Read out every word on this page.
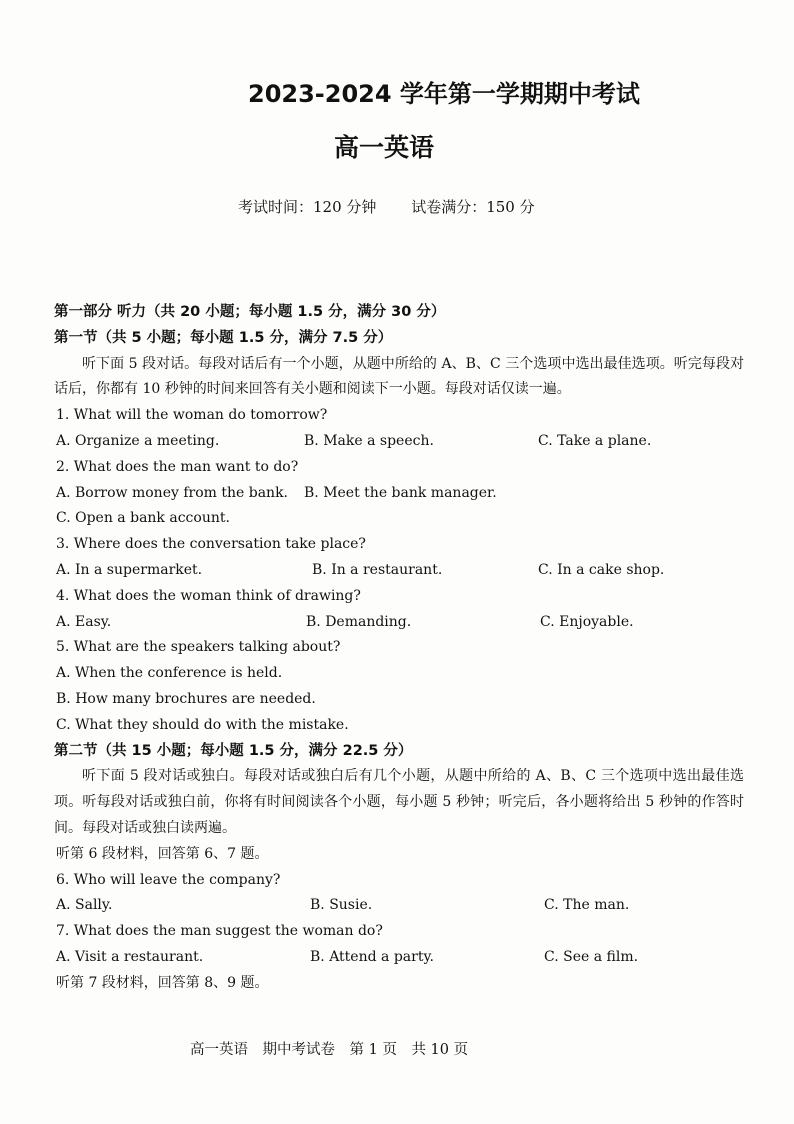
2023-2024 学年第一学期期中考试
高一英语
考试时间：120 分钟 试卷满分：150 分

第一部分 听力（共 20 小题；每小题 1.5 分，满分 30 分）

第一节（共 5 小题；每小题 1.5 分，满分 7.5 分）

听下面 5 段对话。每段对话后有一个小题，从题中所给的 A、B、C 三个选项中选出最佳选项。听完每段对话后，你都有 10 秒钟的时间来回答有关小题和阅读下一小题。每段对话仅读一遍。

1. What will the woman do tomorrow?

A. Organize a meeting.	B. Make a speech.	C. Take a plane.

2. What does the man want to do?

A. Borrow money from the bank.	B. Meet the bank manager.

C. Open a bank account.

3. Where does the conversation take place?

A. In a supermarket.	B. In a restaurant.	C. In a cake shop.

4. What does the woman think of drawing?

A. Easy.	B. Demanding.	C. Enjoyable.

5. What are the speakers talking about?

A. When the conference is held.

B. How many brochures are needed.

C. What they should do with the mistake.

第二节（共 15 小题；每小题 1.5 分，满分 22.5 分）

听下面 5 段对话或独白。每段对话或独白后有几个小题，从题中所给的 A、B、C 三个选项中选出最佳选项。听每段对话或独白前，你将有时间阅读各个小题，每小题 5 秒钟；听完后，各小题将给出 5 秒钟的作答时间。每段对话或独白读两遍。

听第 6 段材料，回答第 6、7 题。

6. Who will leave the company?

A. Sally.	B. Susie.	C. The man.

7. What does the man suggest the woman do?

A. Visit a restaurant.	B. Attend a party.	C. See a film.

听第 7 段材料，回答第 8、9 题。

高一英语　期中考试卷　第 1 页　共 10 页
